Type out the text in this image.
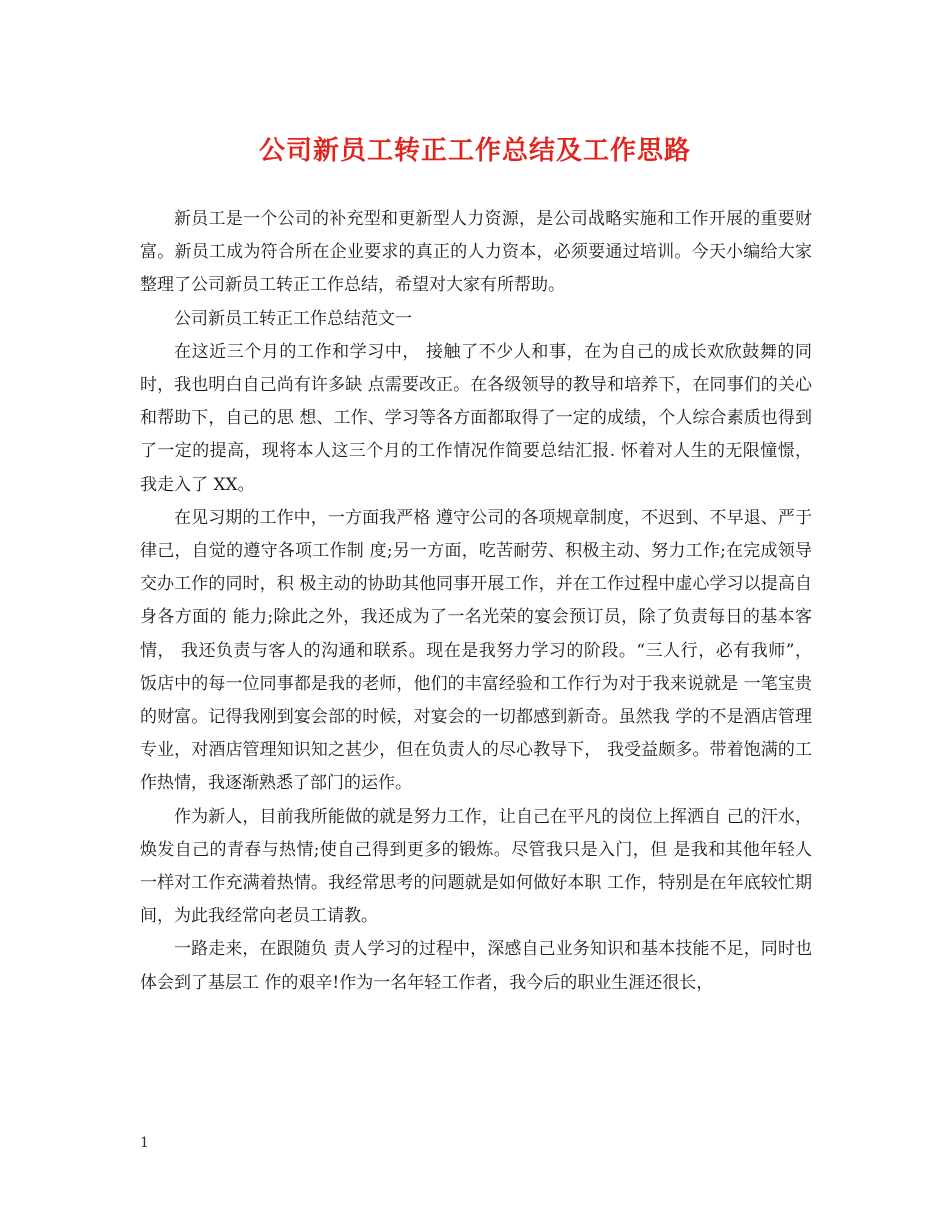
公司新员工转正工作总结及工作思路

新员工是一个公司的补充型和更新型人力资源，是公司战略实施和工作开展的重要财富。新员工成为符合所在企业要求的真正的人力资本，必须要通过培训。今天小编给大家整理了公司新员工转正工作总结，希望对大家有所帮助。

公司新员工转正工作总结范文一

在这近三个月的工作和学习中， 接触了不少人和事，在为自己的成长欢欣鼓舞的同时，我也明白自己尚有许多缺 点需要改正。在各级领导的教导和培养下，在同事们的关心和帮助下，自己的思 想、工作、学习等各方面都取得了一定的成绩，个人综合素质也得到了一定的提高，现将本人这三个月的工作情况作简要总结汇报. 怀着对人生的无限憧憬，我走入了 XX。

在见习期的工作中，一方面我严格 遵守公司的各项规章制度，不迟到、不早退、严于律己，自觉的遵守各项工作制 度;另一方面，吃苦耐劳、积极主动、努力工作;在完成领导交办工作的同时，积 极主动的协助其他同事开展工作，并在工作过程中虚心学习以提高自身各方面的 能力;除此之外，我还成为了一名光荣的宴会预订员，除了负责每日的基本客情， 我还负责与客人的沟通和联系。现在是我努力学习的阶段。“三人行，必有我师”， 饭店中的每一位同事都是我的老师，他们的丰富经验和工作行为对于我来说就是 一笔宝贵的财富。记得我刚到宴会部的时候，对宴会的一切都感到新奇。虽然我 学的不是酒店管理专业，对酒店管理知识知之甚少，但在负责人的尽心教导下， 我受益颇多。带着饱满的工作热情，我逐渐熟悉了部门的运作。

作为新人，目前我所能做的就是努力工作，让自己在平凡的岗位上挥洒自 己的汗水，焕发自己的青春与热情;使自己得到更多的锻炼。尽管我只是入门，但 是我和其他年轻人一样对工作充满着热情。我经常思考的问题就是如何做好本职 工作，特别是在年底较忙期间，为此我经常向老员工请教。

一路走来，在跟随负 责人学习的过程中，深感自己业务知识和基本技能不足，同时也体会到了基层工 作的艰辛!作为一名年轻工作者，我今后的职业生涯还很长，

1
